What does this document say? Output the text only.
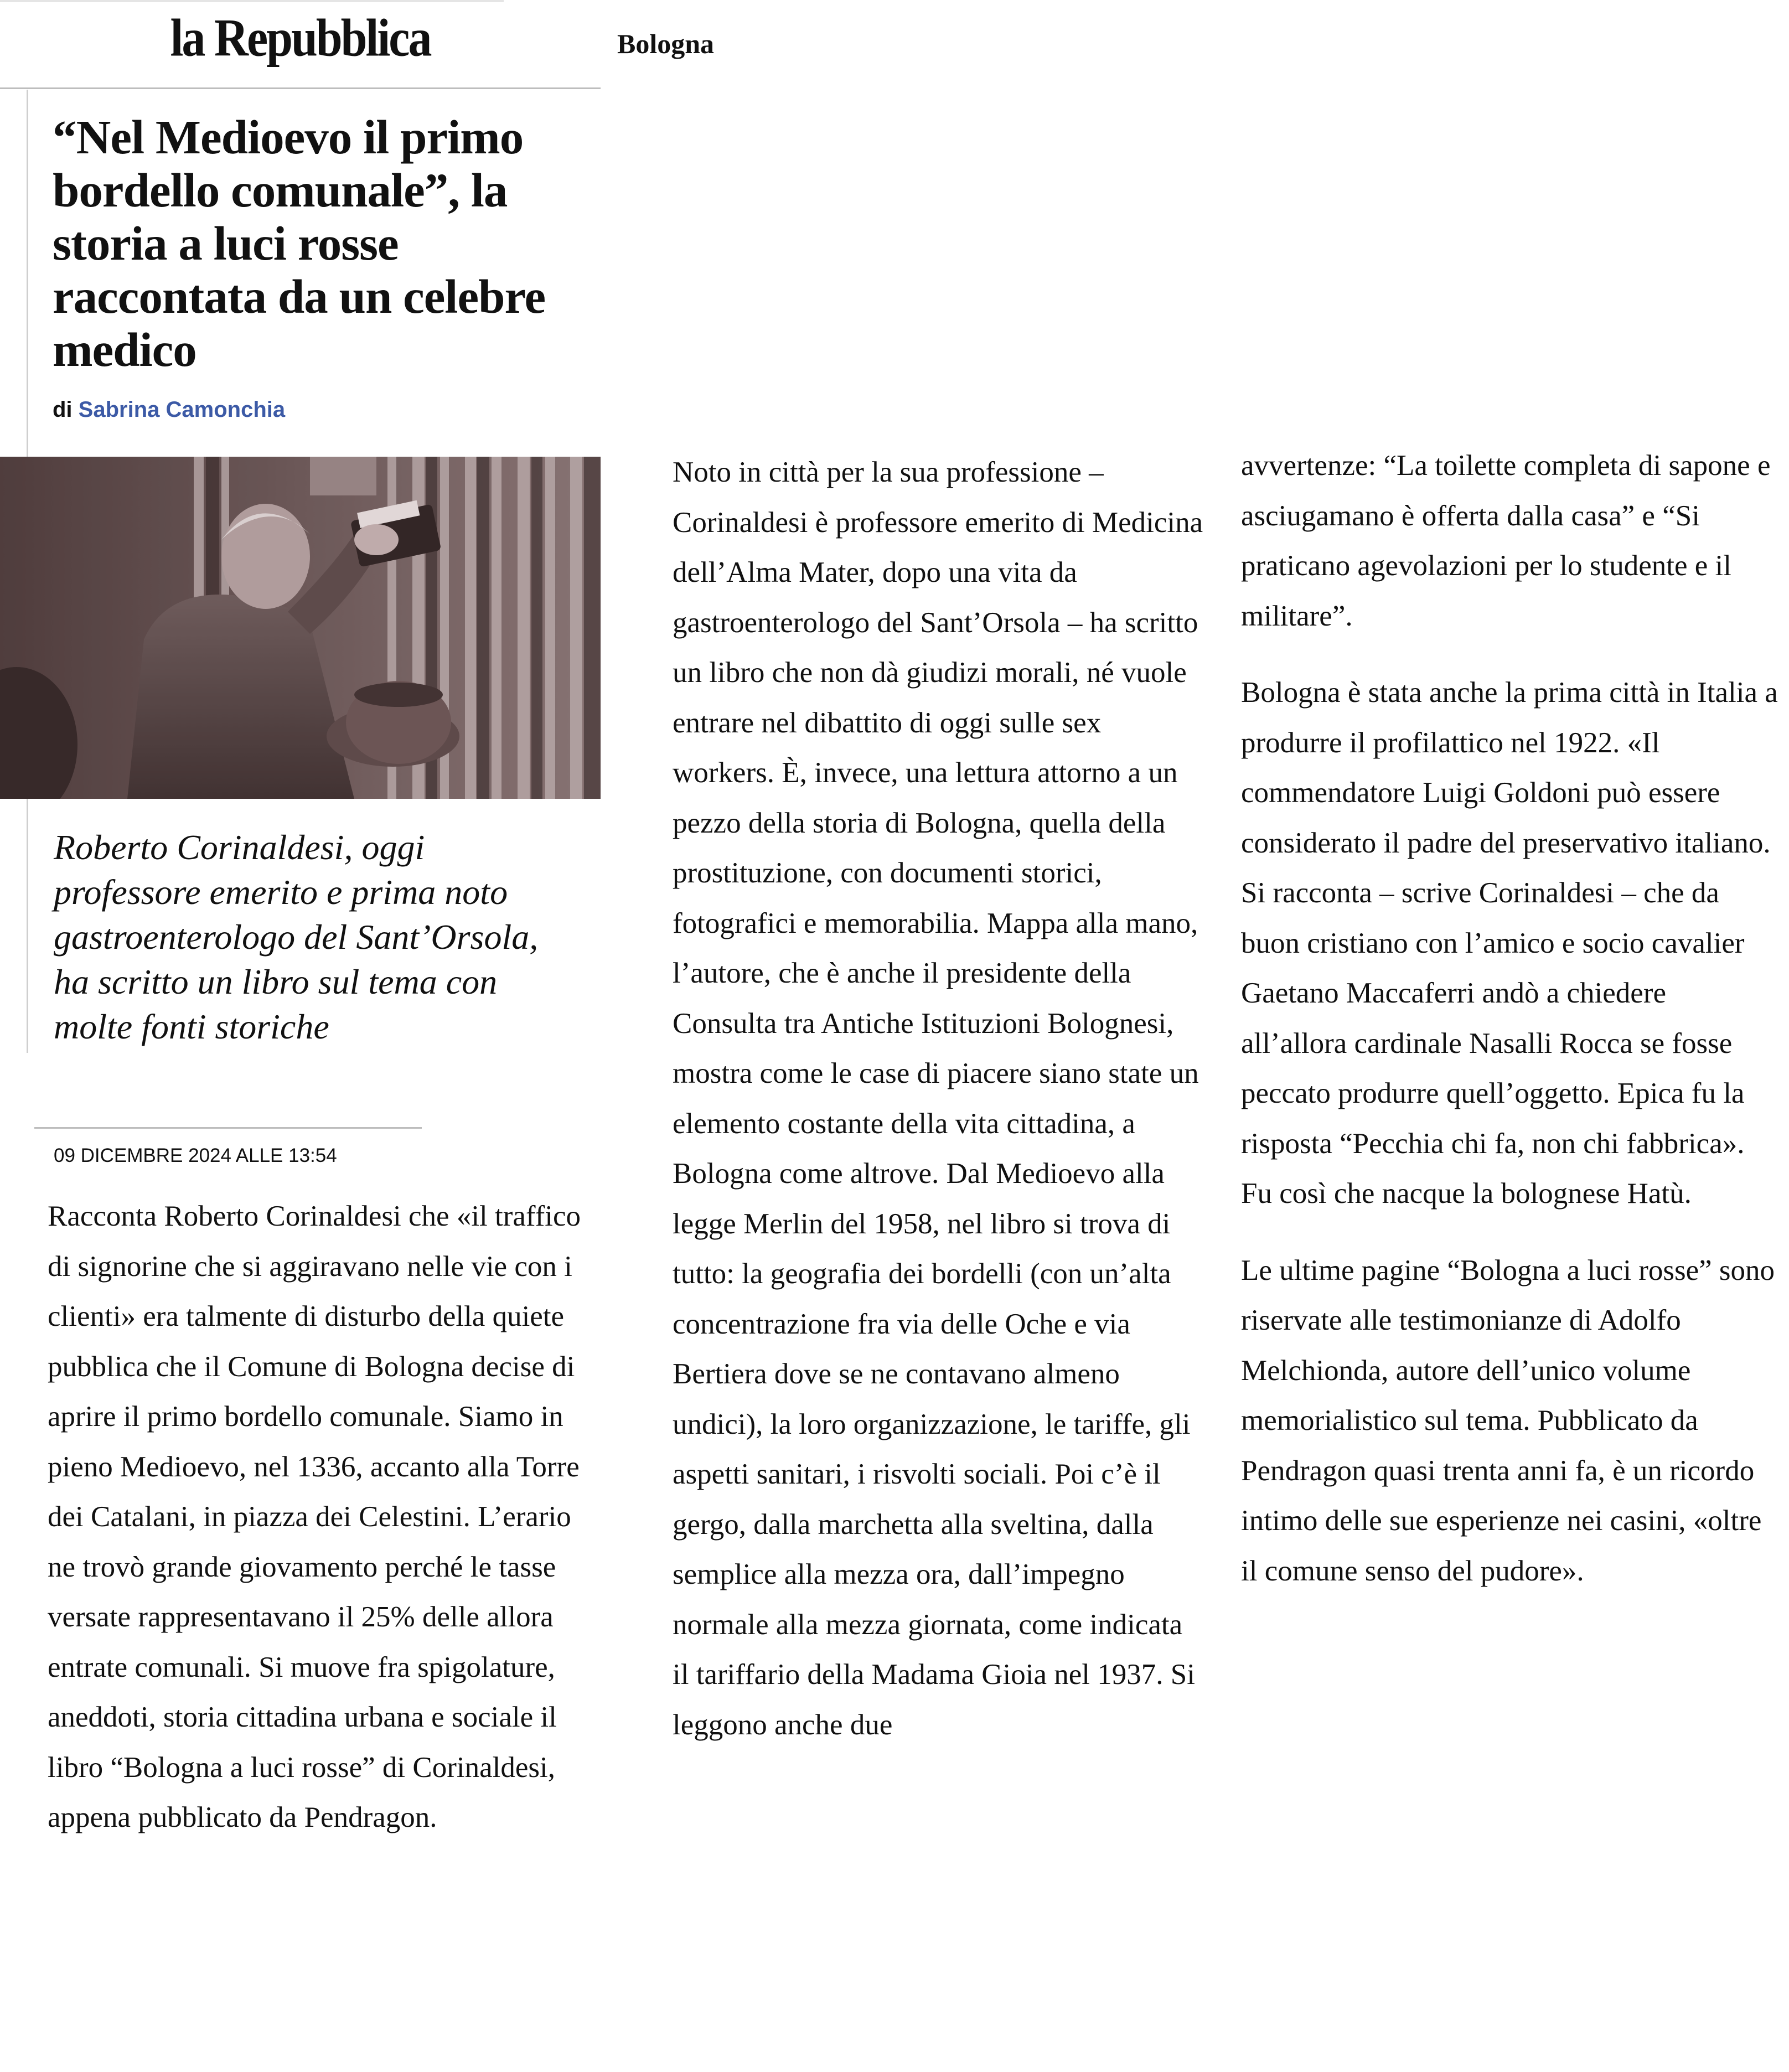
la Repubblica	Bologna
“Nel Medioevo il primo bordello comunale”, la storia a luci rosse raccontata da un celebre medico
di Sabrina Camonchia

Roberto Corinaldesi, oggi professore emerito e prima noto gastroenterologo del Sant’Orsola, ha scritto un libro sul tema con molte fonti storiche

09 DICEMBRE 2024 ALLE 13:54

Racconta Roberto Corinaldesi che «il traffico di signorine che si aggiravano nelle vie con i clienti» era talmente di disturbo della quiete pubblica che il Comune di Bologna decise di aprire il primo bordello comunale. Siamo in pieno Medioevo, nel 1336, accanto alla Torre dei Catalani, in piazza dei Celestini. L’erario ne trovò grande giovamento perché le tasse versate rappresentavano il 25% delle allora entrate comunali. Si muove fra spigolature, aneddoti, storia cittadina urbana e sociale il libro “Bologna a luci rosse” di Corinaldesi, appena pubblicato da Pendragon.

Noto in città per la sua professione – Corinaldesi è professore emerito di Medicina dell’Alma Mater, dopo una vita da gastroenterologo del Sant’Orsola – ha scritto un libro che non dà giudizi morali, né vuole entrare nel dibattito di oggi sulle sex workers. È, invece, una lettura attorno a un pezzo della storia di Bologna, quella della prostituzione, con documenti storici, fotografici e memorabilia. Mappa alla mano, l’autore, che è anche il presidente della Consulta tra Antiche Istituzioni Bolognesi, mostra come le case di piacere siano state un elemento costante della vita cittadina, a Bologna come altrove. Dal Medioevo alla legge Merlin del 1958, nel libro si trova di tutto: la geografia dei bordelli (con un’alta concentrazione fra via delle Oche e via Bertiera dove se ne contavano almeno undici), la loro organizzazione, le tariffe, gli aspetti sanitari, i risvolti sociali. Poi c’è il gergo, dalla marchetta alla sveltina, dalla semplice alla mezza ora, dall’impegno normale alla mezza giornata, come indicata il tariffario della Madama Gioia nel 1937. Si leggono anche due

avvertenze: “La toilette completa di sapone e asciugamano è offerta dalla casa” e “Si praticano agevolazioni per lo studente e il militare”.

Bologna è stata anche la prima città in Italia a produrre il profilattico nel 1922. «Il commendatore Luigi Goldoni può essere considerato il padre del preservativo italiano. Si racconta – scrive Corinaldesi – che da buon cristiano con l’amico e socio cavalier Gaetano Maccaferri andò a chiedere all’allora cardinale Nasalli Rocca se fosse peccato produrre quell’oggetto. Epica fu la risposta “Pecchia chi fa, non chi fabbrica». Fu così che nacque la bolognese Hatù.

Le ultime pagine “Bologna a luci rosse” sono riservate alle testimonianze di Adolfo Melchionda, autore dell’unico volume memorialistico sul tema. Pubblicato da Pendragon quasi trenta anni fa, è un ricordo intimo delle sue esperienze nei casini, «oltre il comune senso del pudore».
